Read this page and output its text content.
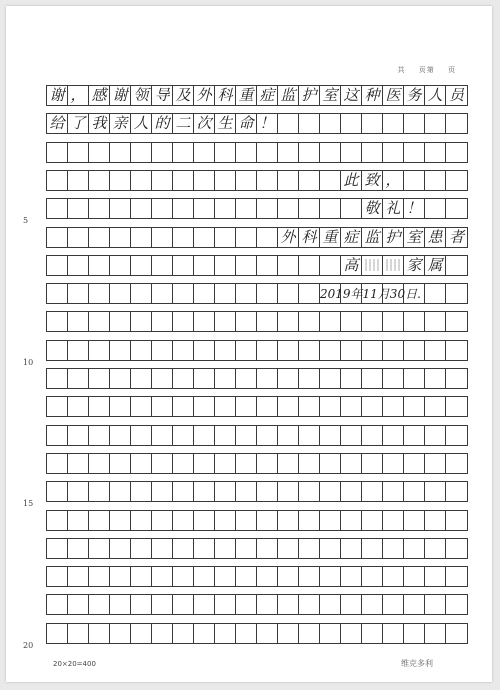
共 页第 页
谢 ， 感 谢 领 导 及 外 科 重 症 监 护 室 这 种 医 务 人 员
给 了 我 亲 人 的 二 次 生 命 ！
此 致 ，
敬 礼 ！
外 科 重 症 监 护 室 患 者
高	家 属
5
10
15
20
20×20=400	维克多利
2019年11月30日.
